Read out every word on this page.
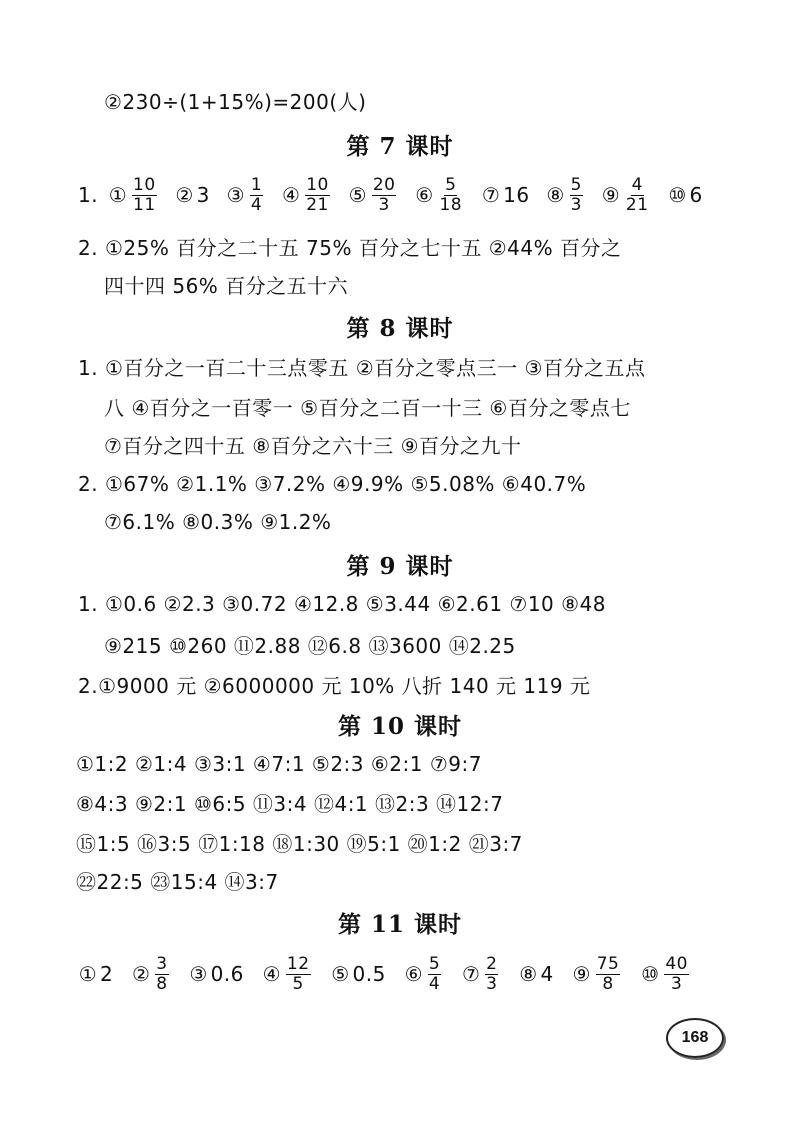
②230÷(1+15%)=200(人)
第 7 课时
1. ① $\frac{10}{11}$ ② 3 ③ $\frac{1}{4}$ ④ $\frac{10}{21}$ ⑤ $\frac{20}{3}$ ⑥ $\frac{5}{18}$ ⑦ 16 ⑧ $\frac{5}{3}$ ⑨ $\frac{4}{21}$ ⑩ 6
2. ①25% 百分之二十五 75% 百分之七十五 ②44% 百分之
四十四 56% 百分之五十六
第 8 课时
1. ①百分之一百二十三点零五 ②百分之零点三一 ③百分之五点
八 ④百分之一百零一 ⑤百分之二百一十三 ⑥百分之零点七
⑦百分之四十五 ⑧百分之六十三 ⑨百分之九十
2. ①67% ②1.1% ③7.2% ④9.9% ⑤5.08% ⑥40.7%
⑦6.1% ⑧0.3% ⑨1.2%
第 9 课时
1. ①0.6 ②2.3 ③0.72 ④12.8 ⑤3.44 ⑥2.61 ⑦10 ⑧48
⑨215 ⑩260 ⑪2.88 ⑫6.8 ⑬3600 ⑭2.25
2.①9000 元 ②6000000 元 10% 八折 140 元 119 元
第 10 课时
①1:2 ②1:4 ③3:1 ④7:1 ⑤2:3 ⑥2:1 ⑦9:7
⑧4:3 ⑨2:1 ⑩6:5 ⑪3:4 ⑫4:1 ⑬2:3 ⑭12:7
⑮1:5 ⑯3:5 ⑰1:18 ⑱1:30 ⑲5:1 ⑳1:2 ㉑3:7
㉒22:5 ㉓15:4 ⑭3:7
第 11 课时
① 2 ② $\frac{3}{8}$ ③ 0.6 ④ $\frac{12}{5}$ ⑤ 0.5 ⑥ $\frac{5}{4}$ ⑦ $\frac{2}{3}$ ⑧ 4 ⑨ $\frac{75}{8}$ ⑩ $\frac{40}{3}$
168
